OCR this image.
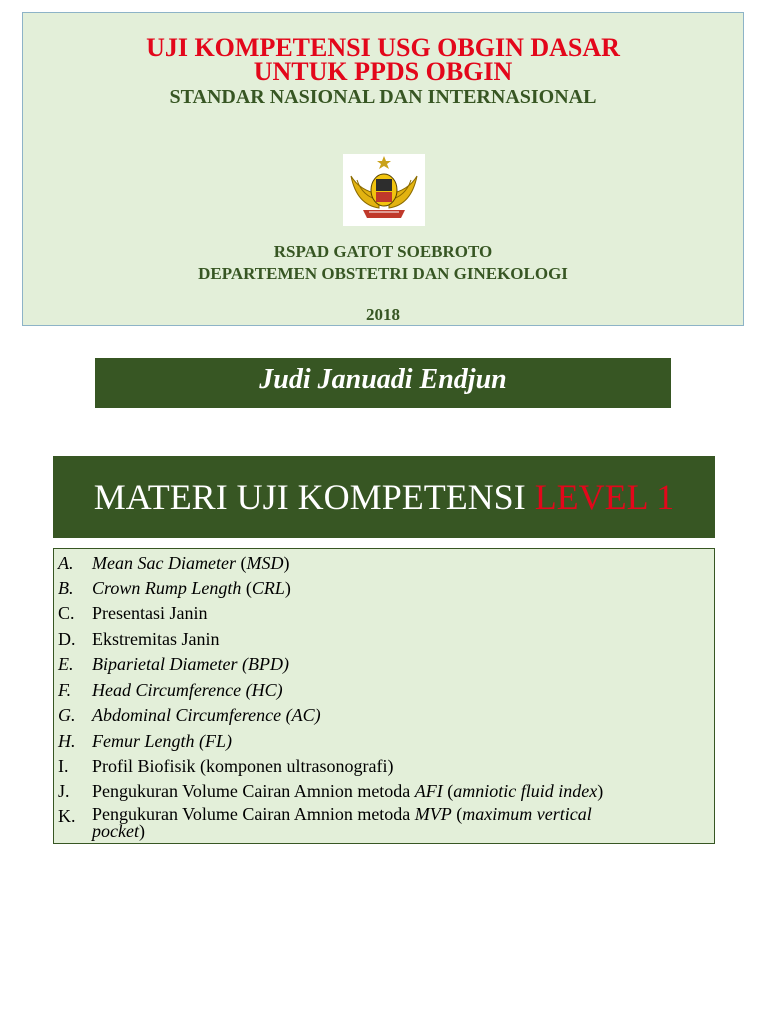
UJI KOMPETENSI USG OBGIN DASAR
UNTUK PPDS OBGIN
STANDAR NASIONAL DAN INTERNASIONAL
RSPAD GATOT SOEBROTO
DEPARTEMEN OBSTETRI DAN GINEKOLOGI
2018
Judi Januadi Endjun
MATERI UJI KOMPETENSI LEVEL 1
A.	Mean Sac Diameter (MSD)
B.	Crown Rump Length (CRL)
C. Presentasi Janin
D. Ekstremitas Janin
E.	Biparietal Diameter (BPD)
F.	Head Circumference (HC)
G. Abdominal Circumference (AC)
H. Femur Length (FL)
I.	Profil Biofisik (komponen ultrasonografi)
J.	Pengukuran Volume Cairan Amnion metoda AFI (amniotic fluid index)
K. Pengukuran Volume Cairan Amnion metoda MVP (maximum vertical
pocket)
